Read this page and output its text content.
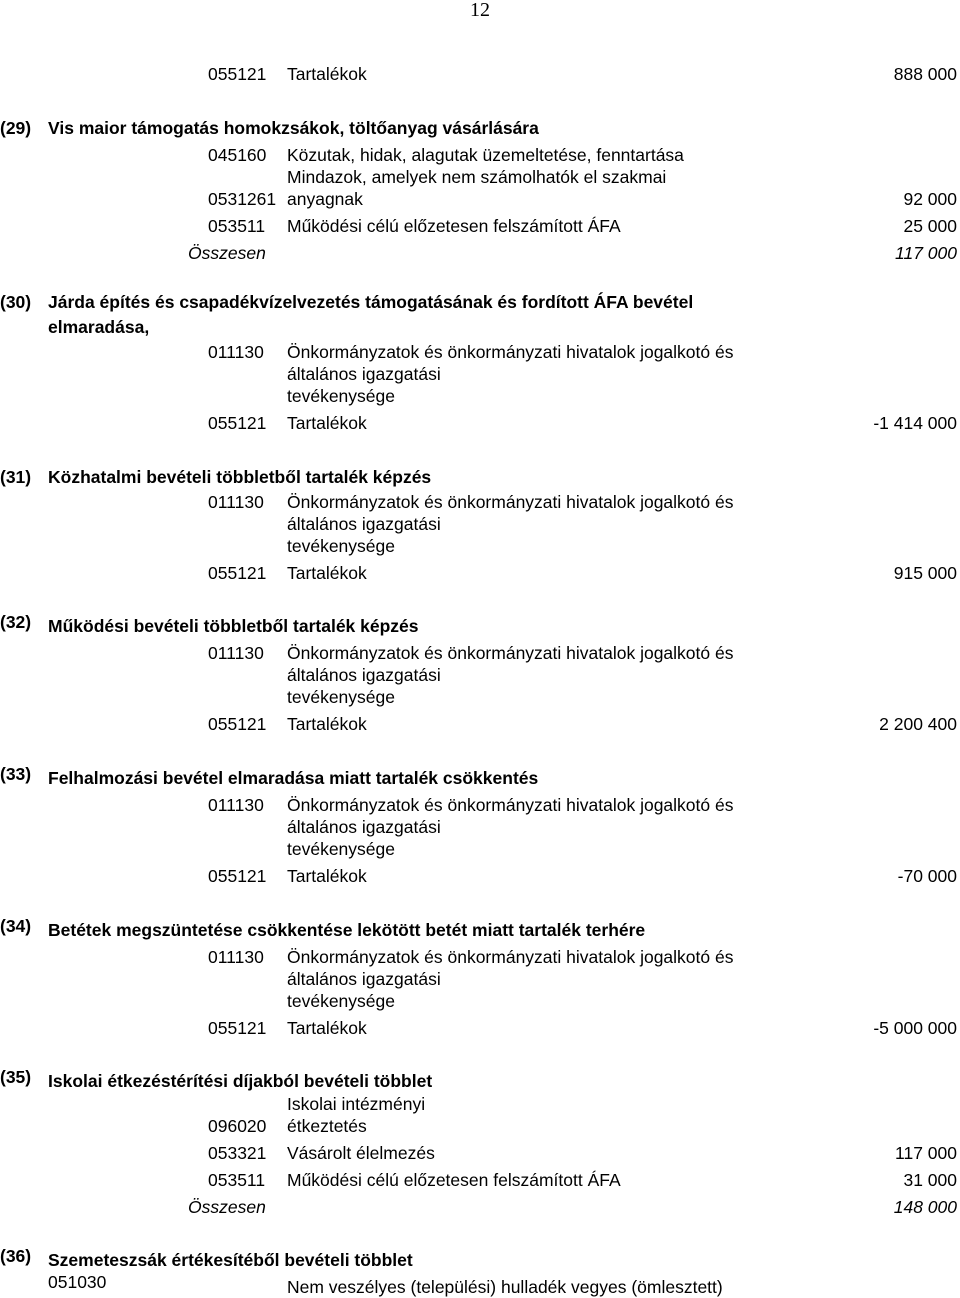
12
055121 Tartalékok	888 000
(29) Vis maior támogatás homokzsákok, töltőanyag vásárlására
045160 Közutak, hidak, alagutak üzemeltetése, fenntartása
Mindazok, amelyek nem számolhatók el szakmai
0531261 anyagnak	92 000
053511 Működési célú előzetesen felszámított ÁFA	25 000
Összesen	117 000
(30) Járda építés és csapadékvízelvezetés támogatásának és fordított ÁFA bevétel
elmaradása,
011130 Önkormányzatok és önkormányzati hivatalok jogalkotó és
általános igazgatási
tevékenysége
055121 Tartalékok	-1 414 000
(31) Közhatalmi bevételi többletből tartalék képzés
011130 Önkormányzatok és önkormányzati hivatalok jogalkotó és
általános igazgatási
tevékenysége
055121 Tartalékok	915 000
(32) Működési bevételi többletből tartalék képzés
011130 Önkormányzatok és önkormányzati hivatalok jogalkotó és
általános igazgatási
tevékenysége
055121 Tartalékok	2 200 400
(33) Felhalmozási bevétel elmaradása miatt tartalék csökkentés
011130 Önkormányzatok és önkormányzati hivatalok jogalkotó és
általános igazgatási
tevékenysége
055121 Tartalékok	-70 000
(34) Betétek megszüntetése csökkentése lekötött betét miatt tartalék terhére
011130 Önkormányzatok és önkormányzati hivatalok jogalkotó és
általános igazgatási
tevékenysége
055121 Tartalékok	-5 000 000
(35) Iskolai étkezéstérítési díjakból bevételi többlet
Iskolai intézményi
096020 étkeztetés
053321 Vásárolt élelmezés	117 000
053511 Működési célú előzetesen felszámított ÁFA	31 000
Összesen	148 000
(36) Szemeteszsák értékesítéből bevételi többlet
051030	Nem veszélyes (települési) hulladék vegyes (ömlesztett)
